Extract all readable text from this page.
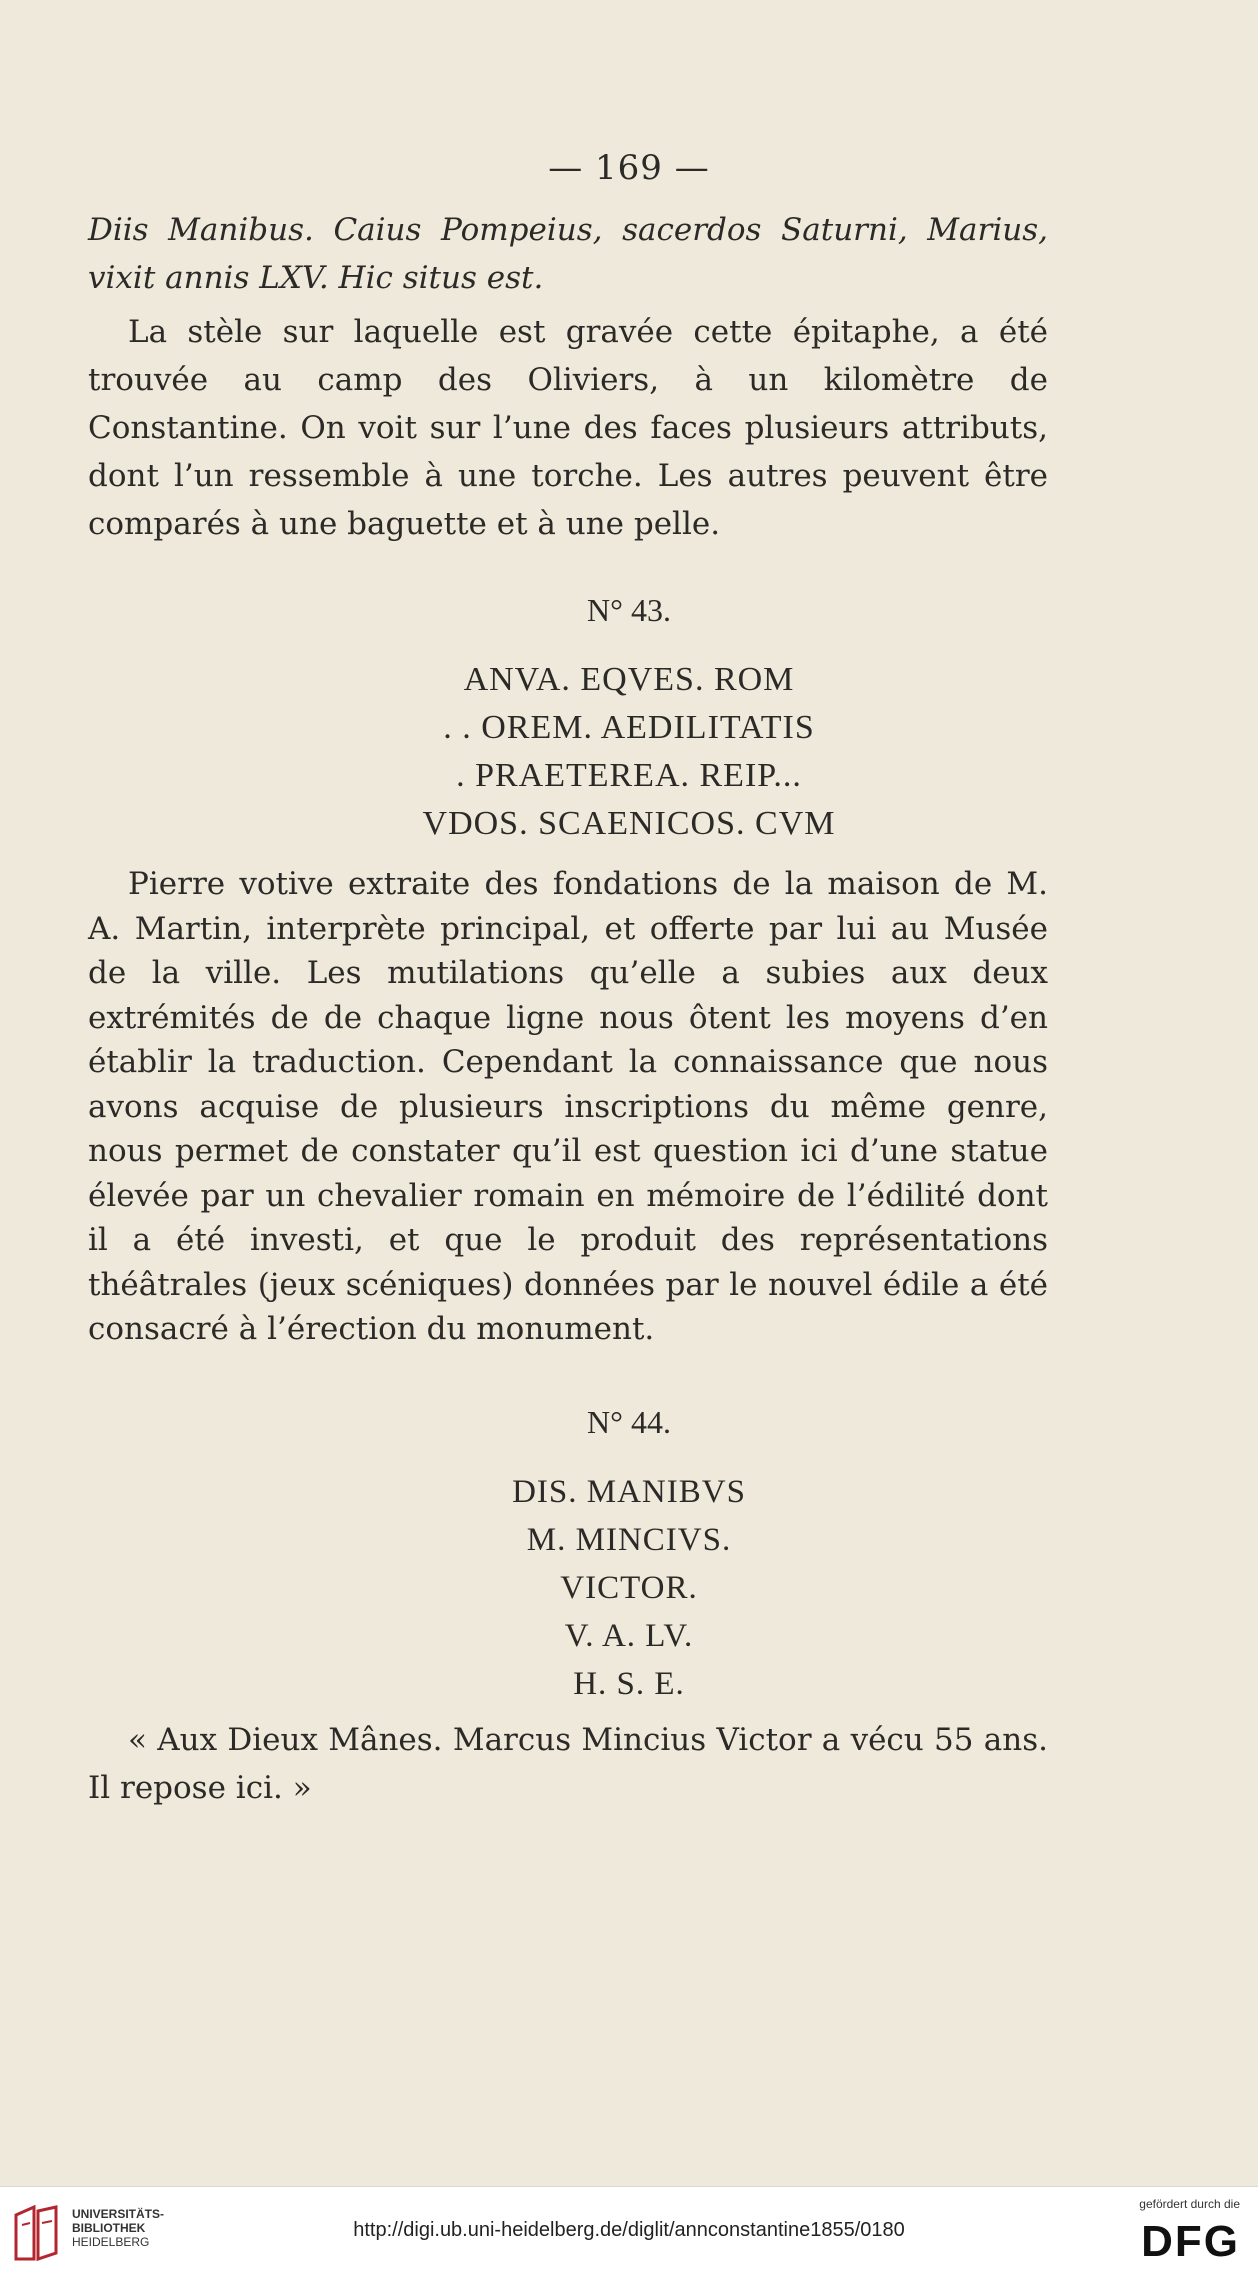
— 169 —
Diis Manibus. Caius Pompeius, sacerdos Saturni, Marius, vixit annis LXV. Hic situs est.
La stèle sur laquelle est gravée cette épitaphe, a été trouvée au camp des Oliviers, à un kilomètre de Constantine. On voit sur l’une des faces plusieurs attributs, dont l’un ressemble à une torche. Les autres peuvent être comparés à une baguette et à une pelle.
N° 43.
ANVA. EQVES. ROM
. . OREM. AEDILITATIS
. PRAETEREA. REIP...
VDOS. SCAENICOS. CVM
Pierre votive extraite des fondations de la maison de M. A. Martin, interprète principal, et offerte par lui au Musée de la ville. Les mutilations qu’elle a subies aux deux extrémités de de chaque ligne nous ôtent les moyens d’en établir la traduction. Cependant la connaissance que nous avons acquise de plusieurs inscriptions du même genre, nous permet de constater qu’il est question ici d’une statue élevée par un chevalier romain en mémoire de l’édilité dont il a été investi, et que le produit des représentations théâtrales (jeux scéniques) données par le nouvel édile a été consacré à l’érection du monument.
N° 44.
DIS. MANIBVS
M. MINCIVS.
VICTOR.
V. A. LV.
H. S. E.
« Aux Dieux Mânes. Marcus Mincius Victor a vécu 55 ans. Il repose ici. »
UNIVERSITÄTS-
BIBLIOTHEK
HEIDELBERG
http://digi.ub.uni-heidelberg.de/diglit/annconstantine1855/0180
gefördert durch die
DFG
